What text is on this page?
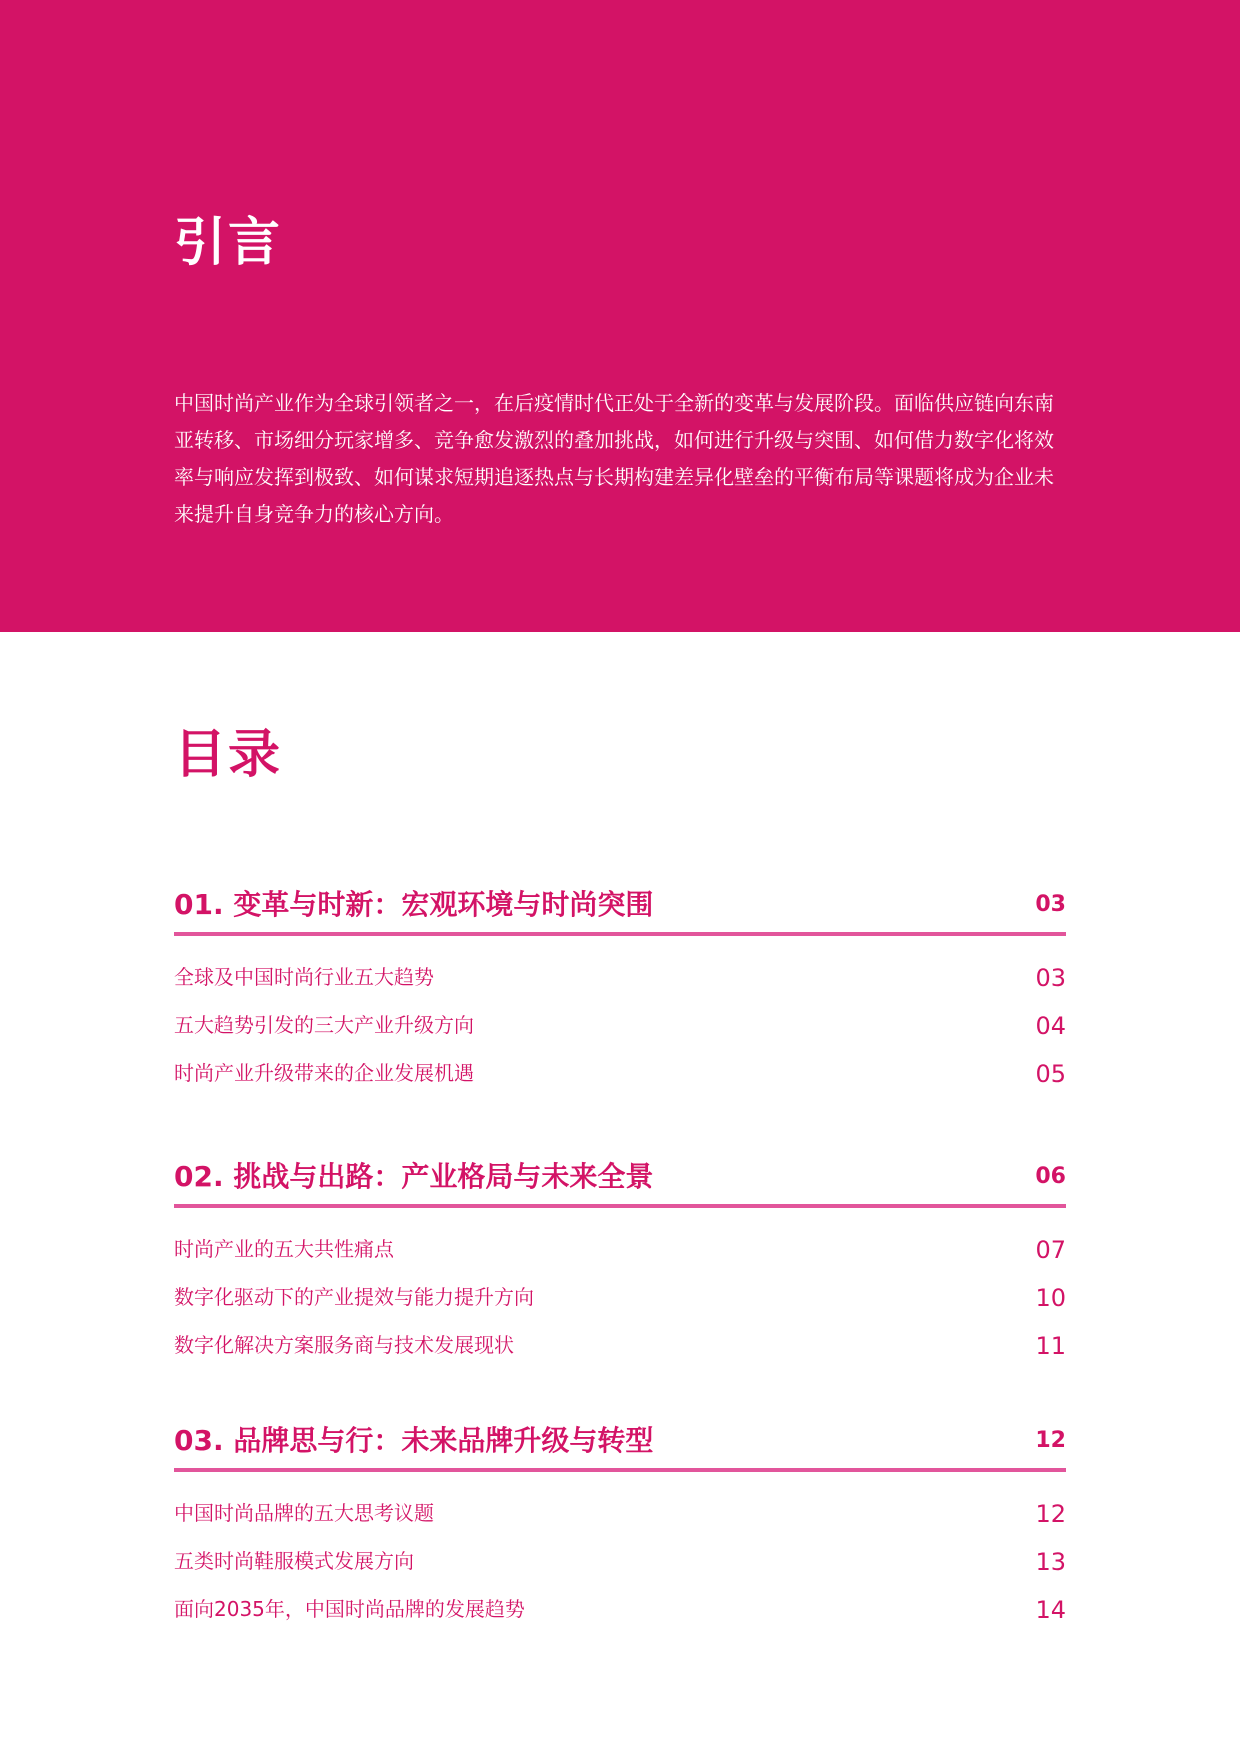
引言

中国时尚产业作为全球引领者之一，在后疫情时代正处于全新的变革与发展阶段。面临供应链向东南亚转移、市场细分玩家增多、竞争愈发激烈的叠加挑战，如何进行升级与突围、如何借力数字化将效率与响应发挥到极致、如何谋求短期追逐热点与长期构建差异化壁垒的平衡布局等课题将成为企业未来提升自身竞争力的核心方向。

目录
01. 变革与时新：宏观环境与时尚突围	03
全球及中国时尚行业五大趋势	03
五大趋势引发的三大产业升级方向	04
时尚产业升级带来的企业发展机遇	05
02. 挑战与出路：产业格局与未来全景	06
时尚产业的五大共性痛点	07
数字化驱动下的产业提效与能力提升方向	10
数字化解决方案服务商与技术发展现状	11
03. 品牌思与行：未来品牌升级与转型	12
中国时尚品牌的五大思考议题	12
五类时尚鞋服模式发展方向	13
面向2035年，中国时尚品牌的发展趋势	14
